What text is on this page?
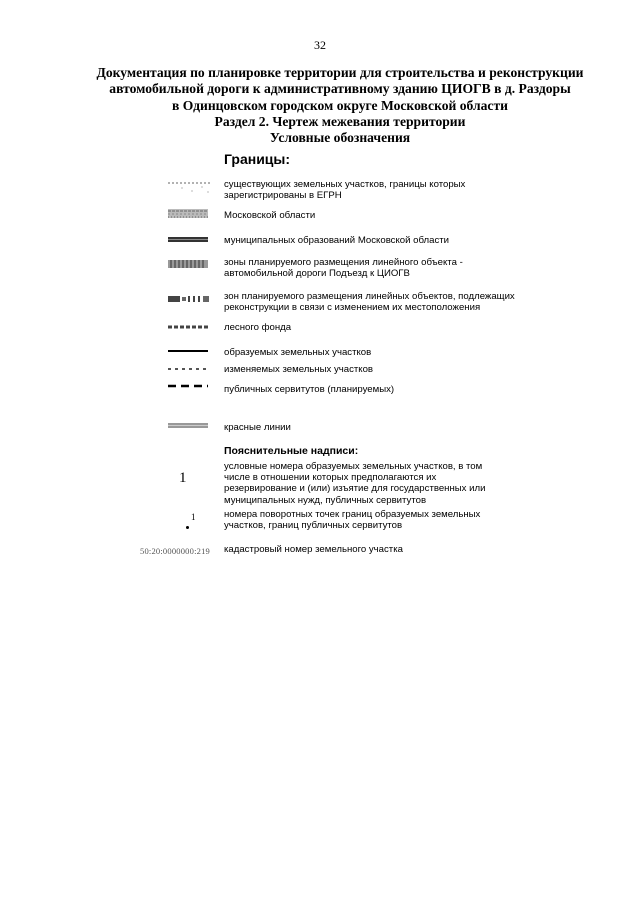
32
Документация по планировке территории для строительства и реконструкции
автомобильной дороги к административному зданию ЦИОГВ в д. Раздоры
в Одинцовском городском округе Московской области
Раздел 2. Чертеж межевания территории
Условные обозначения
Границы:
существующих земельных участков, границы которых зарегистрированы в ЕГРН
Московской области
муниципальных образований Московской области
зоны планируемого размещения линейного объекта - автомобильной дороги Подъезд к ЦИОГВ
зон планируемого размещения линейных объектов, подлежащих реконструкции в связи с изменением их местоположения
лесного фонда
образуемых земельных участков
изменяемых земельных участков
публичных сервитутов (планируемых)
красные линии
Пояснительные надписи:
1
условные номера образуемых земельных участков, в том числе в отношении которых предполагаются их резервирование и (или) изъятие для государственных или муниципальных нужд, публичных сервитутов
1	номера поворотных точек границ образуемых земельных участков, границ публичных сервитутов
50:20:0000000:219 кадастровый номер земельного участка
